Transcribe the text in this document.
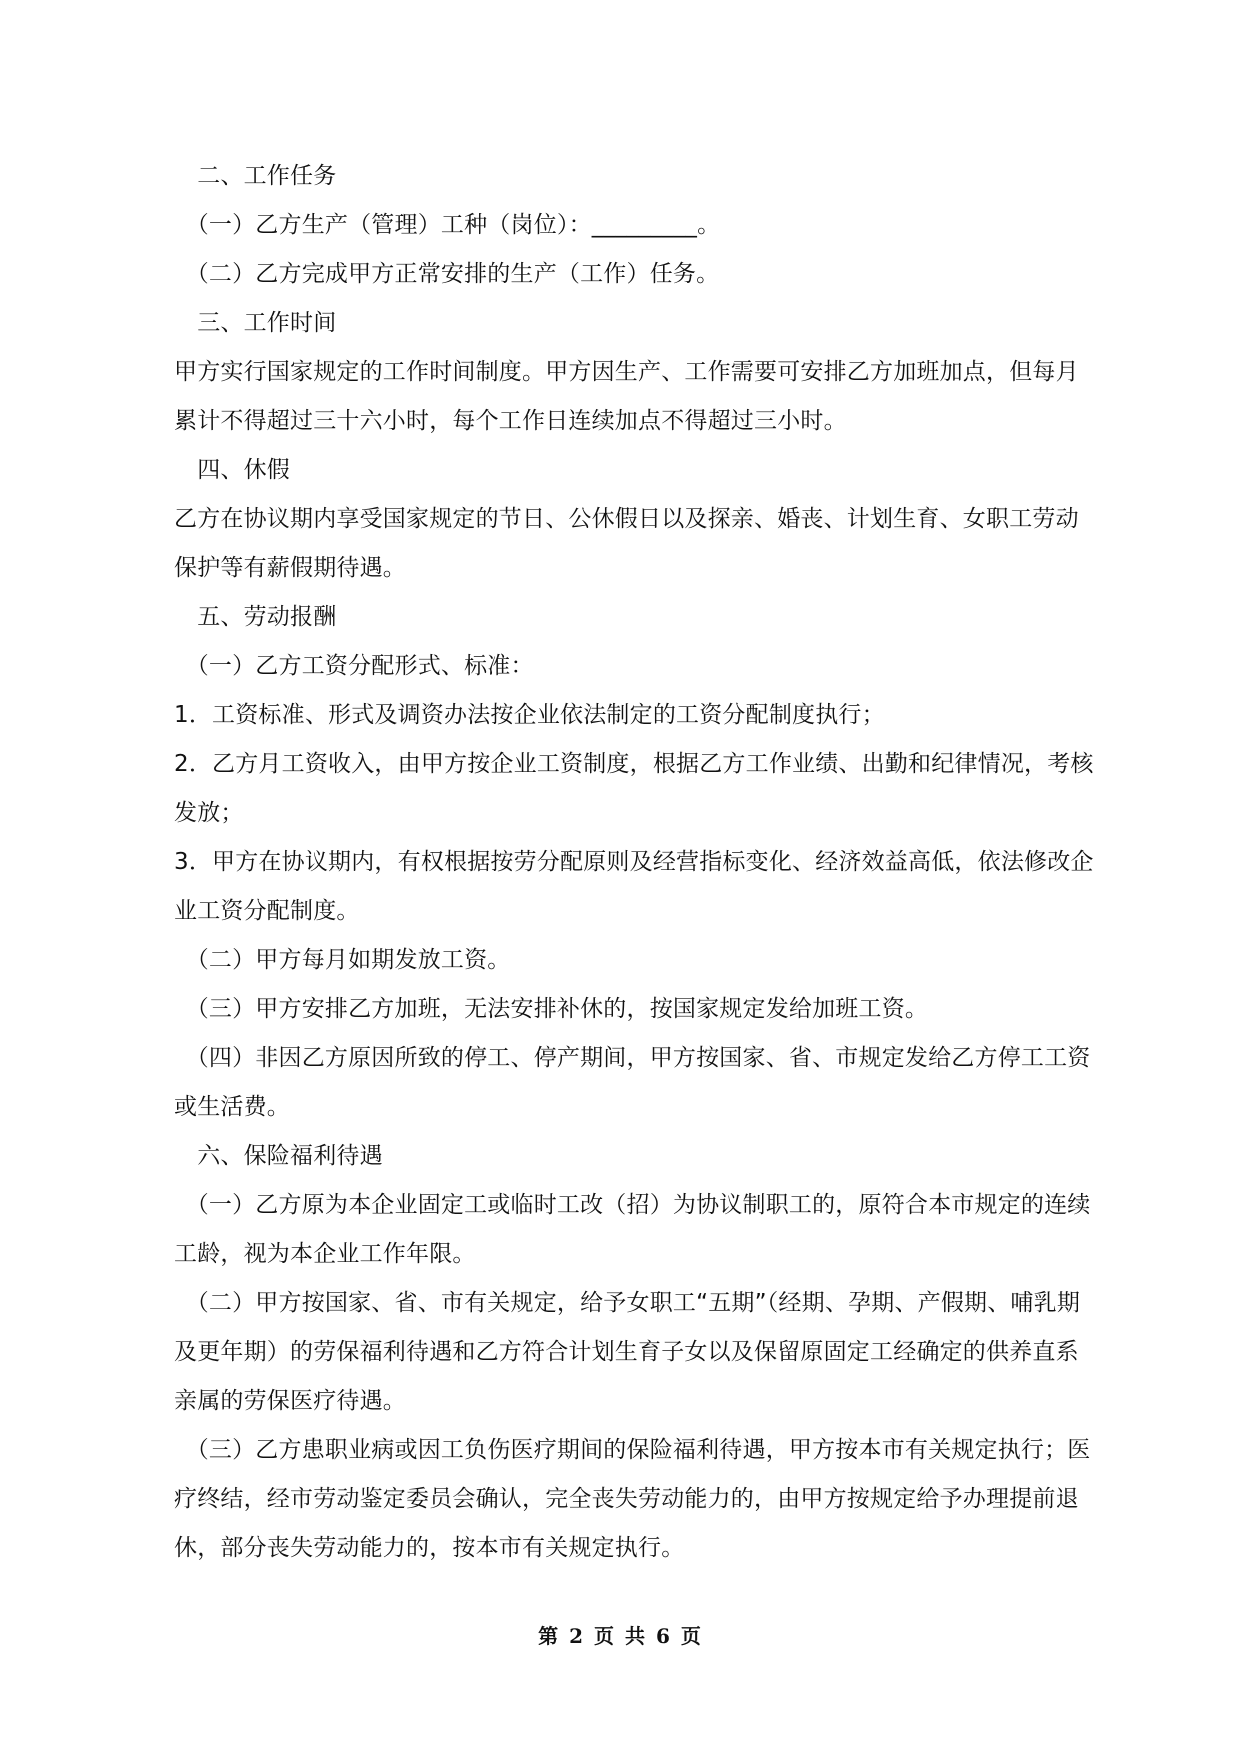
　二、工作任务

　（一）乙方生产（管理）工种（岗位）：_________。

　（二）乙方完成甲方正常安排的生产（工作）任务。

　三、工作时间

甲方实行国家规定的工作时间制度。甲方因生产、工作需要可安排乙方加班加点，但每月累计不得超过三十六小时，每个工作日连续加点不得超过三小时。

　四、休假

乙方在协议期内享受国家规定的节日、公休假日以及探亲、婚丧、计划生育、女职工劳动保护等有薪假期待遇。

　五、劳动报酬

　（一）乙方工资分配形式、标准：

1．工资标准、形式及调资办法按企业依法制定的工资分配制度执行；

2．乙方月工资收入，由甲方按企业工资制度，根据乙方工作业绩、出勤和纪律情况，考核发放；

3．甲方在协议期内，有权根据按劳分配原则及经营指标变化、经济效益高低，依法修改企业工资分配制度。

　（二）甲方每月如期发放工资。

　（三）甲方安排乙方加班，无法安排补休的，按国家规定发给加班工资。

　（四）非因乙方原因所致的停工、停产期间，甲方按国家、省、市规定发给乙方停工工资或生活费。

　六、保险福利待遇

　（一）乙方原为本企业固定工或临时工改（招）为协议制职工的，原符合本市规定的连续工龄，视为本企业工作年限。

　（二）甲方按国家、省、市有关规定，给予女职工“五期”（经期、孕期、产假期、哺乳期及更年期）的劳保福利待遇和乙方符合计划生育子女以及保留原固定工经确定的供养直系亲属的劳保医疗待遇。

　（三）乙方患职业病或因工负伤医疗期间的保险福利待遇，甲方按本市有关规定执行；医疗终结，经市劳动鉴定委员会确认，完全丧失劳动能力的，由甲方按规定给予办理提前退休，部分丧失劳动能力的，按本市有关规定执行。

第 2 页 共 6 页
